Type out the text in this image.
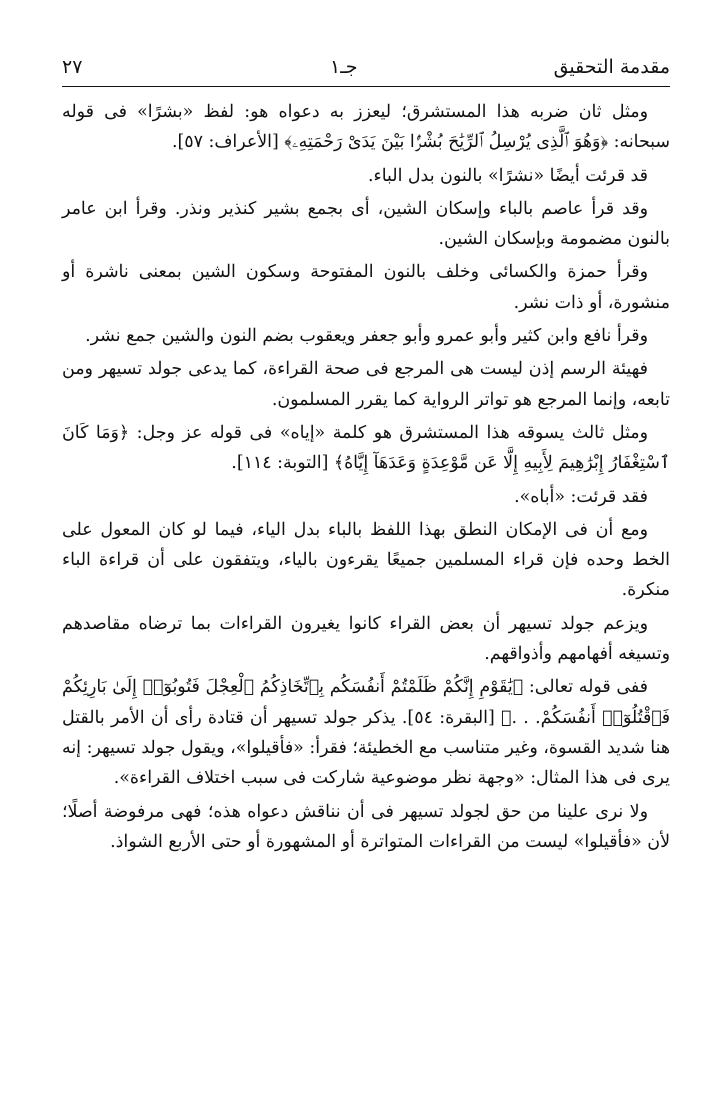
مقدمة التحقيق
جـ١
٢٧

ومثل ثان ضربه هذا المستشرق؛ ليعزز به دعواه هو: لفظ «بشرًا» فى قوله سبحانه: ﴿وَهُوَ ٱلَّذِى يُرْسِلُ ٱلرِّيَٰحَ بُشْرًۢا بَيْنَ يَدَىْ رَحْمَتِهِۦ﴾ [الأعراف: ٥٧].

قد قرئت أيضًا «نشرًا» بالنون بدل الباء.

وقد قرأ عاصم بالباء وإسكان الشين، أى بجمع بشير كنذير ونذر. وقرأ ابن عامر بالنون مضمومة وبإسكان الشين.

وقرأ حمزة والكسائى وخلف بالنون المفتوحة وسكون الشين بمعنى ناشرة أو منشورة، أو ذات نشر.

وقرأ نافع وابن كثير وأبو عمرو وأبو جعفر ويعقوب بضم النون والشين جمع نشر.

فهيئة الرسم إذن ليست هى المرجع فى صحة القراءة، كما يدعى جولد تسيهر ومن تابعه، وإنما المرجع هو تواتر الرواية كما يقرر المسلمون.

ومثل ثالث يسوقه هذا المستشرق هو كلمة «إياه» فى قوله عز وجل: ﴿وَمَا كَانَ ٱسْتِغْفَارُ إِبْرَٰهِيمَ لِأَبِيهِ إِلَّا عَن مَّوْعِدَةٍ وَعَدَهَآ إِيَّاهُ﴾ [التوبة: ١١٤].

فقد قرئت: «أباه».

ومع أن فى الإمكان النطق بهذا اللفظ بالباء بدل الياء، فيما لو كان المعول على الخط وحده فإن قراء المسلمين جميعًا يقرءون بالياء، ويتفقون على أن قراءة الباء منكرة.

ويزعم جولد تسيهر أن بعض القراء كانوا يغيرون القراءات بما ترضاه مقاصدهم وتسيغه أفهامهم وأذواقهم.

ففى قوله تعالى: ﴿يَٰقَوْمِ إِنَّكُمْ ظَلَمْتُمْ أَنفُسَكُم بِٱتِّخَاذِكُمُ ٱلْعِجْلَ فَتُوبُوٓا۟ إِلَىٰ بَارِئِكُمْ فَٱقْتُلُوٓا۟ أَنفُسَكُمْ. . .﴾ [البقرة: ٥٤]. يذكر جولد تسيهر أن قتادة رأى أن الأمر بالقتل هنا شديد القسوة، وغير متناسب مع الخطيئة؛ فقرأ: «فأقيلوا»، ويقول جولد تسيهر: إنه يرى فى هذا المثال: «وجهة نظر موضوعية شاركت فى سبب اختلاف القراءة».

ولا نرى علينا من حق لجولد تسيهر فى أن نناقش دعواه هذه؛ فهى مرفوضة أصلًا؛ لأن «فأقيلوا» ليست من القراءات المتواترة أو المشهورة أو حتى الأربع الشواذ.
